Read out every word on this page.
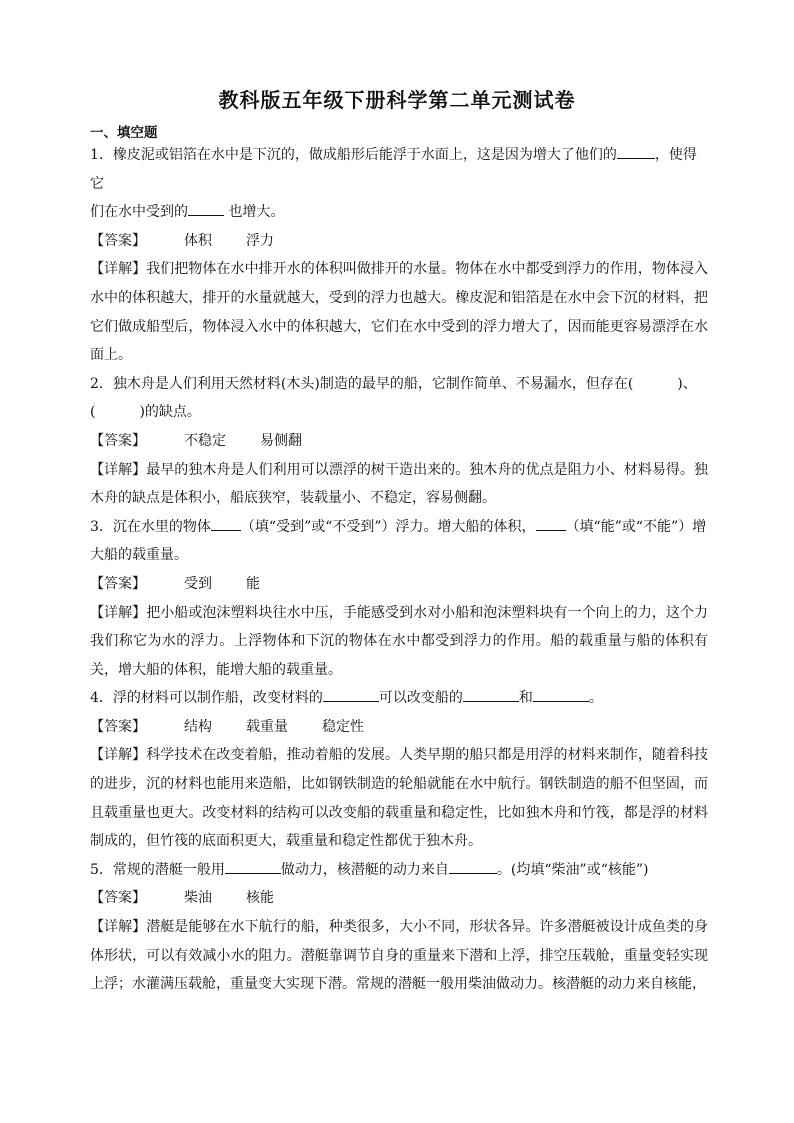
教科版五年级下册科学第二单元测试卷
一、填空题

1．橡皮泥或铝箔在水中是下沉的，做成船形后能浮于水面上，这是因为增大了他们的	，使得它
们在水中受到的	也增大。

【答案】	体积 浮力

【详解】我们把物体在水中排开水的体积叫做排开的水量。物体在水中都受到浮力的作用，物体浸入水中的体积越大，排开的水量就越大，受到的浮力也越大。橡皮泥和铝箔是在水中会下沉的材料，把它们做成船型后，物体浸入水中的体积越大，它们在水中受到的浮力增大了，因而能更容易漂浮在水面上。

2．独木舟是人们利用天然材料(木头)制造的最早的船，它制作简单、不易漏水，但存在(	)、
(	)的缺点。

【答案】	不稳定 易侧翻

【详解】最早的独木舟是人们利用可以漂浮的树干造出来的。独木舟的优点是阻力小、材料易得。独木舟的缺点是体积小，船底狭窄，装载量小、不稳定，容易侧翻。

3．沉在水里的物体 （填“受到”或“不受到”）浮力。增大船的体积， （填“能”或“不能”）增大船的载重量。

【答案】	受到 能

【详解】把小船或泡沫塑料块往水中压，手能感受到水对小船和泡沫塑料块有一个向上的力，这个力我们称它为水的浮力。上浮物体和下沉的物体在水中都受到浮力的作用。船的载重量与船的体积有关，增大船的体积，能增大船的载重量。

4．浮的材料可以制作船，改变材料的	可以改变船的	和	。

【答案】	结构 载重量 稳定性

【详解】科学技术在改变着船，推动着船的发展。人类早期的船只都是用浮的材料来制作，随着科技的进步，沉的材料也能用来造船，比如钢铁制造的轮船就能在水中航行。钢铁制造的船不但坚固，而且载重量也更大。改变材料的结构可以改变船的载重量和稳定性，比如独木舟和竹筏，都是浮的材料制成的，但竹筏的底面积更大，载重量和稳定性都优于独木舟。

5．常规的潜艇一般用	做动力，核潜艇的动力来自	。(均填“柴油”或“核能”)

【答案】	柴油 核能

【详解】潜艇是能够在水下航行的船，种类很多，大小不同，形状各异。许多潜艇被设计成鱼类的身体形状，可以有效减小水的阻力。潜艇靠调节自身的重量来下潜和上浮，排空压载舱，重量变轻实现上浮；水灌满压载舱，重量变大实现下潜。常规的潜艇一般用柴油做动力。核潜艇的动力来自核能，
